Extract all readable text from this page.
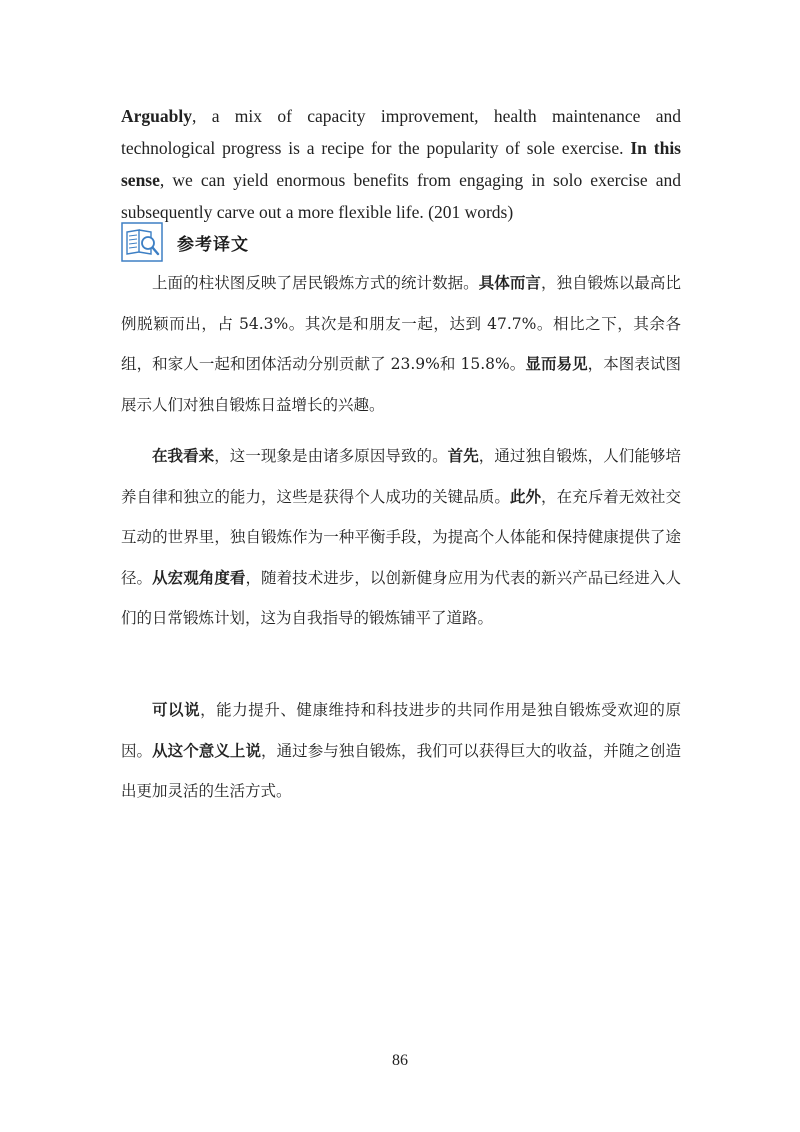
Arguably, a mix of capacity improvement, health maintenance and technological progress is a recipe for the popularity of sole exercise. In this sense, we can yield enormous benefits from engaging in solo exercise and subsequently carve out a more flexible life. (201 words)

参考译文

上面的柱状图反映了居民锻炼方式的统计数据。具体而言，独自锻炼以最高比例脱颖而出，占 54.3%。其次是和朋友一起，达到 47.7%。相比之下，其余各组，和家人一起和团体活动分别贡献了 23.9%和 15.8%。显而易见，本图表试图展示人们对独自锻炼日益增长的兴趣。

在我看来，这一现象是由诸多原因导致的。首先，通过独自锻炼，人们能够培养自律和独立的能力，这些是获得个人成功的关键品质。此外，在充斥着无效社交互动的世界里，独自锻炼作为一种平衡手段，为提高个人体能和保持健康提供了途径。从宏观角度看，随着技术进步，以创新健身应用为代表的新兴产品已经进入人们的日常锻炼计划，这为自我指导的锻炼铺平了道路。

可以说，能力提升、健康维持和科技进步的共同作用是独自锻炼受欢迎的原因。从这个意义上说，通过参与独自锻炼，我们可以获得巨大的收益，并随之创造出更加灵活的生活方式。

86
